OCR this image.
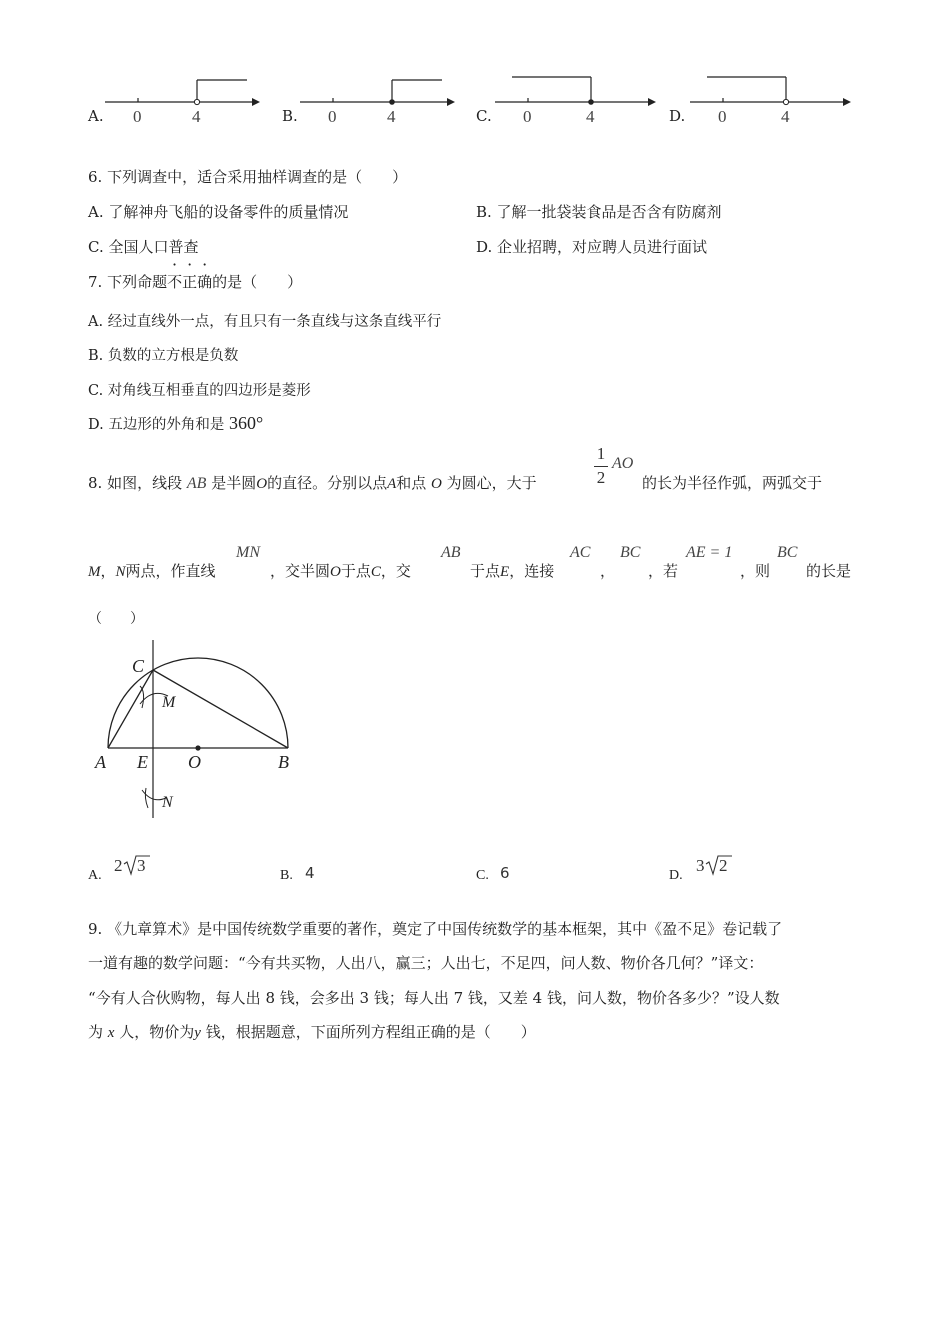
A. 0	4	B. 0	4	C. 0	4	D. 0	4
6. 下列调查中，适合采用抽样调查的是（　　）
A. 了解神舟飞船的设备零件的质量情况	B. 了解一批袋装食品是否含有防腐剂
C. 全国人口普查	D. 企业招聘，对应聘人员进行面试
7. 下列命题不正确的是（　　）
A. 经过直线外一点，有且只有一条直线与这条直线平行
B. 负数的立方根是负数
C. 对角线互相垂直的四边形是菱形
D. 五边形的外角和是 360°
8. 如图，线段 AB 是半圆O的直径。分别以点A和点 O 为圆心，大于
1
2
AO
的长为半径作弧，两弧交于
M，N两点，作直线
MN
，交半圆O于点C，交
AB
于点E，连接
AC
，
BC
，若
AE = 1
，则
BC
的长是
（　　）
C
M
A E O	B
N
A.
2 3
B. 4	C. 6	D.
3 2
9. 《九章算术》是中国传统数学重要的著作，奠定了中国传统数学的基本框架，其中《盈不足》卷记载了
一道有趣的数学问题：“今有共买物，人出八，赢三；人出七，不足四，问人数、物价各几何？”译文：
“今有人合伙购物，每人出 8 钱，会多出 3 钱；每人出 7 钱，又差 4 钱，问人数，物价各多少？”设人数
为 x 人，物价为y 钱，根据题意，下面所列方程组正确的是（　　）
